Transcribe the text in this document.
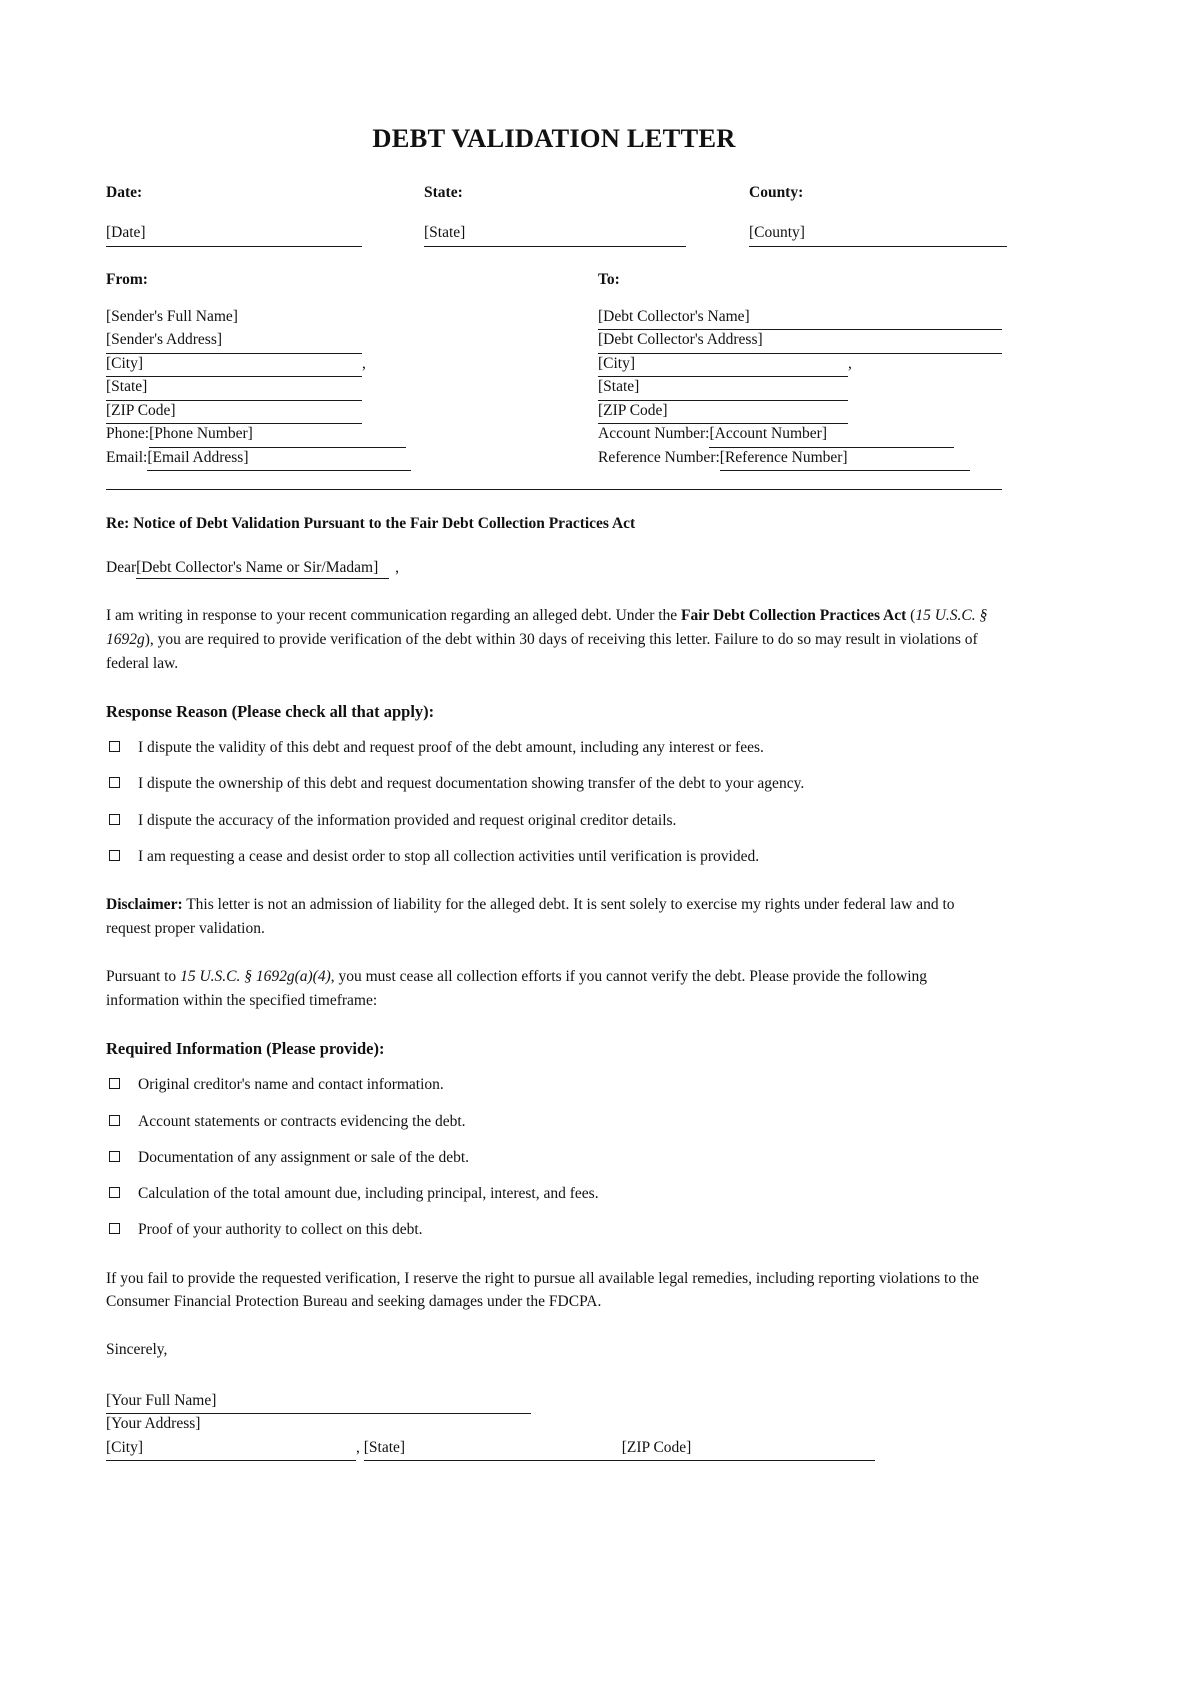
DEBT VALIDATION LETTER
Date:
[Date]
State:
[State]
County:
[County]
From:
[Sender's Full Name]
[Sender's Address]
[City]	,
[State]
[ZIP Code]
Phone:[Phone Number]
Email:[Email Address]
To:
[Debt Collector's Name]
[Debt Collector's Address]
[City]	,
[State]
[ZIP Code]
Account Number:[Account Number]
Reference Number:[Reference Number]
Re: Notice of Debt Validation Pursuant to the Fair Debt Collection Practices Act
Dear[Debt Collector's Name or Sir/Madam] ,

I am writing in response to your recent communication regarding an alleged debt. Under the Fair Debt Collection Practices Act (15 U.S.C. § 1692g), you are required to provide verification of the debt within 30 days of receiving this letter. Failure to do so may result in violations of federal law.

Response Reason (Please check all that apply):
I dispute the validity of this debt and request proof of the debt amount, including any interest or fees.
I dispute the ownership of this debt and request documentation showing transfer of the debt to your agency.
I dispute the accuracy of the information provided and request original creditor details.
I am requesting a cease and desist order to stop all collection activities until verification is provided.

Disclaimer: This letter is not an admission of liability for the alleged debt. It is sent solely to exercise my rights under federal law and to request proper validation.

Pursuant to 15 U.S.C. § 1692g(a)(4), you must cease all collection efforts if you cannot verify the debt. Please provide the following information within the specified timeframe:

Required Information (Please provide):
Original creditor's name and contact information.
Account statements or contracts evidencing the debt.
Documentation of any assignment or sale of the debt.
Calculation of the total amount due, including principal, interest, and fees.
Proof of your authority to collect on this debt.

If you fail to provide the requested verification, I reserve the right to pursue all available legal remedies, including reporting violations to the Consumer Financial Protection Bureau and seeking damages under the FDCPA.

Sincerely,
[Your Full Name]
[Your Address]
[City]	, [State]	[ZIP Code]
